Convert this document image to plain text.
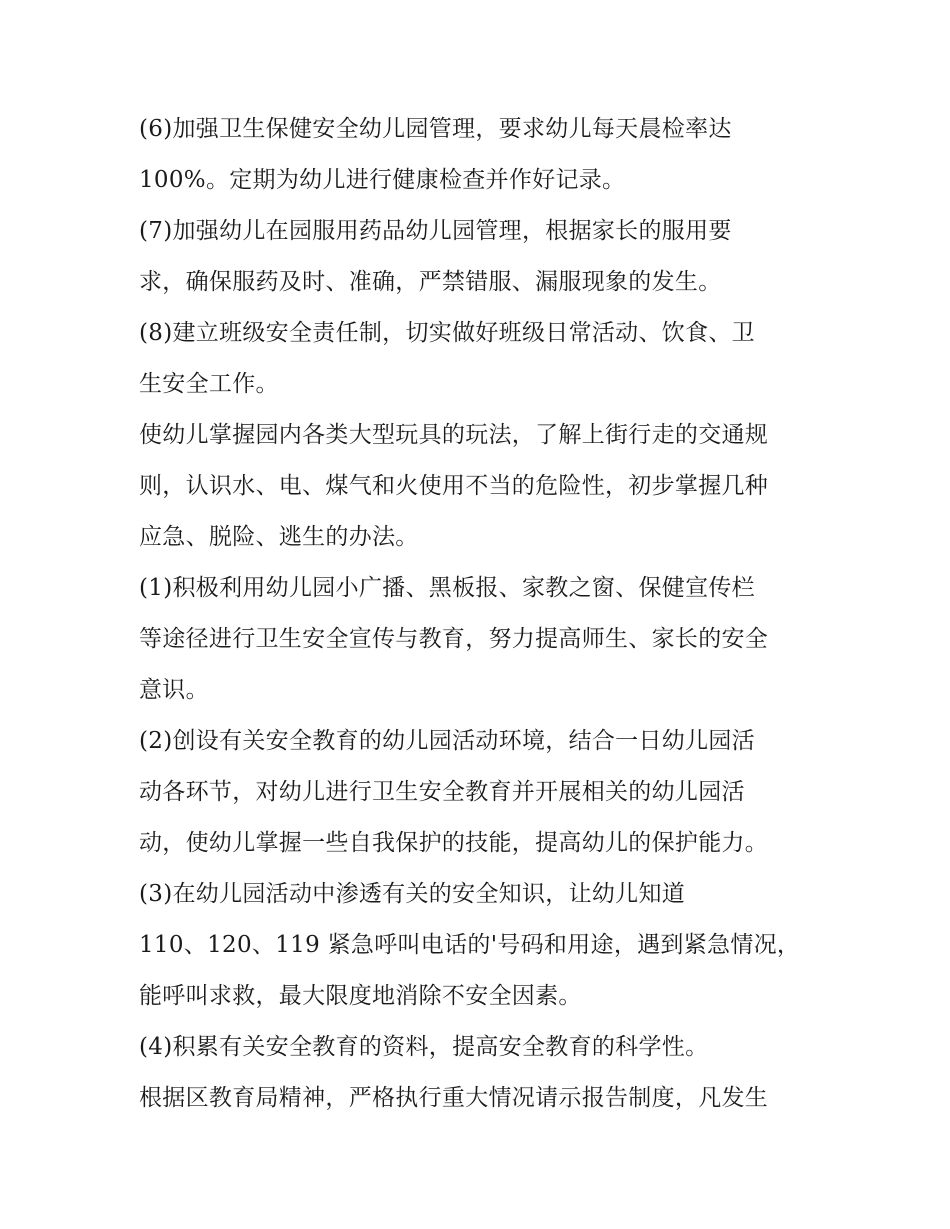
(6)加强卫生保健安全幼儿园管理，要求幼儿每天晨检率达
100%。定期为幼儿进行健康检查并作好记录。
(7)加强幼儿在园服用药品幼儿园管理，根据家长的服用要
求，确保服药及时、准确，严禁错服、漏服现象的发生。
(8)建立班级安全责任制，切实做好班级日常活动、饮食、卫
生安全工作。
使幼儿掌握园内各类大型玩具的玩法，了解上街行走的交通规
则，认识水、电、煤气和火使用不当的危险性，初步掌握几种
应急、脱险、逃生的办法。
(1)积极利用幼儿园小广播、黑板报、家教之窗、保健宣传栏
等途径进行卫生安全宣传与教育，努力提高师生、家长的安全
意识。
(2)创设有关安全教育的幼儿园活动环境，结合一日幼儿园活
动各环节，对幼儿进行卫生安全教育并开展相关的幼儿园活
动，使幼儿掌握一些自我保护的技能，提高幼儿的保护能力。
(3)在幼儿园活动中渗透有关的安全知识，让幼儿知道
110、120、119 紧急呼叫电话的'号码和用途，遇到紧急情况，
能呼叫求救，最大限度地消除不安全因素。
(4)积累有关安全教育的资料，提高安全教育的科学性。
根据区教育局精神，严格执行重大情况请示报告制度，凡发生
